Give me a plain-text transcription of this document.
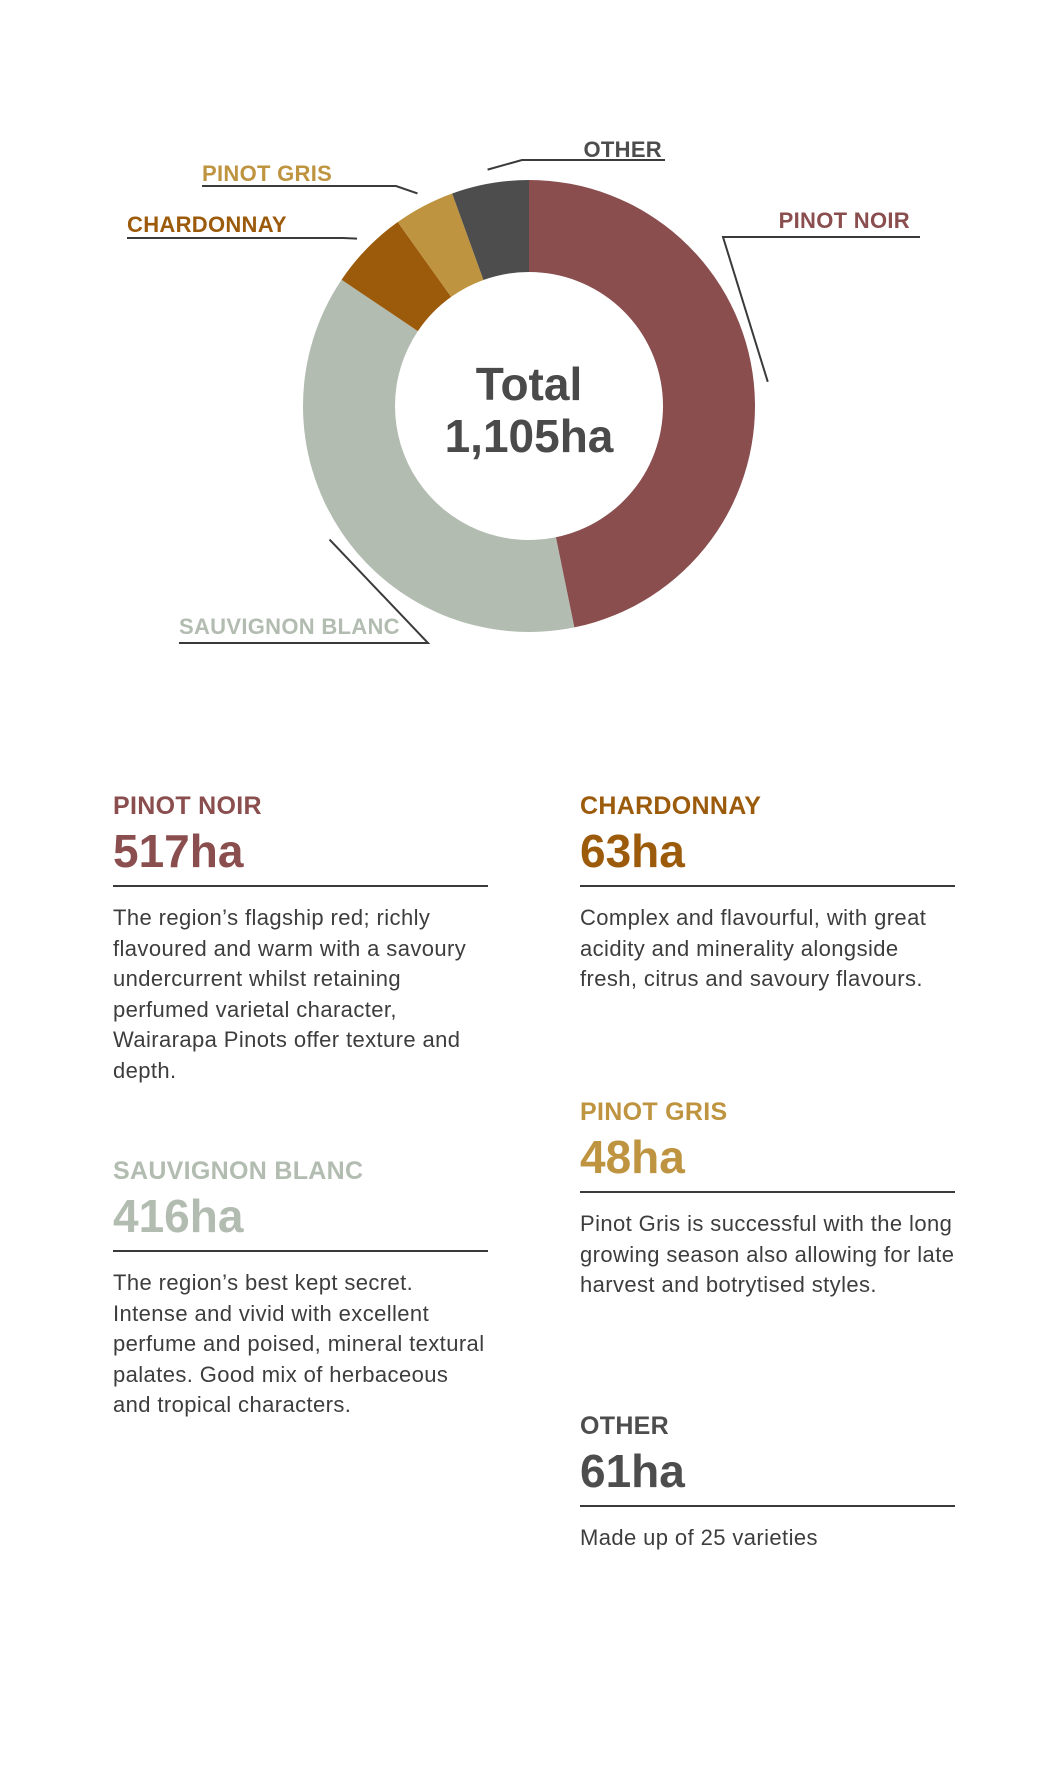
PINOT NOIR
SAUVIGNON BLANC
CHARDONNAY
PINOT GRIS
OTHER
Total
1,105ha
PINOT NOIR
517ha

The region’s flagship red; richly flavoured and warm with a savoury undercurrent whilst retaining perfumed varietal character, Wairarapa Pinots offer texture and depth.

CHARDONNAY
63ha

Complex and flavourful, with great acidity and minerality alongside fresh, citrus and savoury flavours.

PINOT GRIS
48ha

Pinot Gris is successful with the long growing season also allowing for late harvest and botrytised styles.

SAUVIGNON BLANC
416ha

The region’s best kept secret. Intense and vivid with excellent perfume and poised, mineral textural palates. Good mix of herbaceous and tropical characters.

OTHER
61ha

Made up of 25 varieties
